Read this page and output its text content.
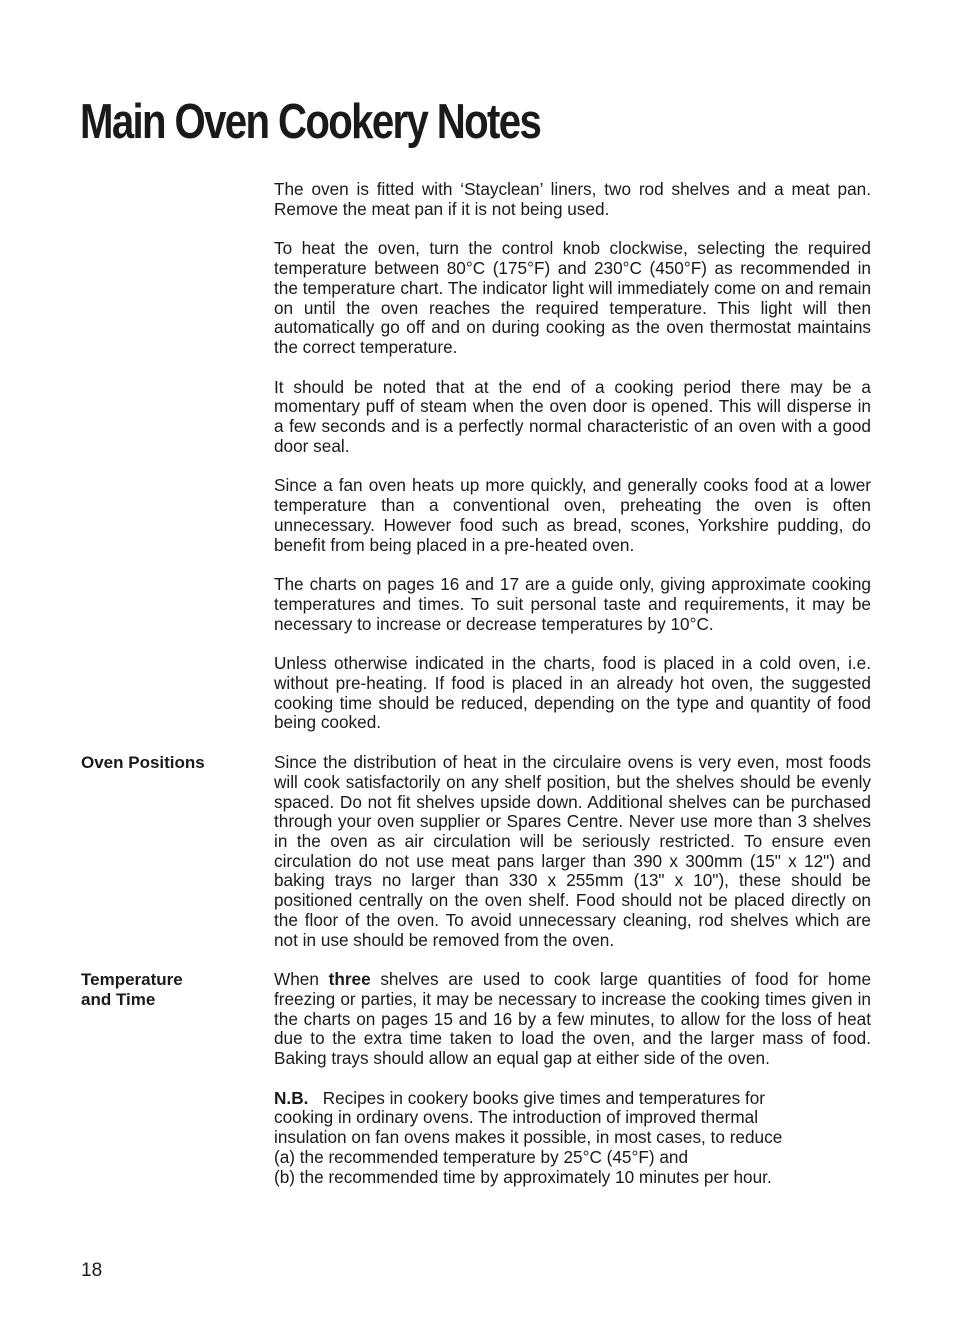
Main Oven Cookery Notes

The oven is fitted with ‘Stayclean’ liners, two rod shelves and a meat pan. Remove the meat pan if it is not being used.

To heat the oven, turn the control knob clockwise, selecting the required temperature between 80°C (175°F) and 230°C (450°F) as recommended in the temperature chart. The indicator light will immediately come on and remain on until the oven reaches the required temperature. This light will then automatically go off and on during cooking as the oven thermostat maintains the correct temperature.

It should be noted that at the end of a cooking period there may be a momentary puff of steam when the oven door is opened. This will disperse in a few seconds and is a perfectly normal characteristic of an oven with a good door seal.

Since a fan oven heats up more quickly, and generally cooks food at a lower temperature than a conventional oven, preheating the oven is often unnecessary. However food such as bread, scones, Yorkshire pudding, do benefit from being placed in a pre-heated oven.

The charts on pages 16 and 17 are a guide only, giving approximate cooking temperatures and times. To suit personal taste and requirements, it may be necessary to increase or decrease temperatures by 10°C.

Unless otherwise indicated in the charts, food is placed in a cold oven, i.e. without pre-heating. If food is placed in an already hot oven, the suggested cooking time should be reduced, depending on the type and quantity of food being cooked.

Oven Positions	Since the distribution of heat in the circulaire ovens is very even, most foods will cook satisfactorily on any shelf position, but the shelves should be evenly spaced. Do not fit shelves upside down. Additional shelves can be purchased through your oven supplier or Spares Centre. Never use more than 3 shelves in the oven as air circulation will be seriously restricted. To ensure even circulation do not use meat pans larger than 390 x 300mm (15" x 12") and baking trays no larger than 330 x 255mm (13" x 10"), these should be positioned centrally on the oven shelf. Food should not be placed directly on the floor of the oven. To avoid unnecessary cleaning, rod shelves which are not in use should be removed from the oven.

Temperature
and Time

When three shelves are used to cook large quantities of food for home freezing or parties, it may be necessary to increase the cooking times given in the charts on pages 15 and 16 by a few minutes, to allow for the loss of heat due to the extra time taken to load the oven, and the larger mass of food. Baking trays should allow an equal gap at either side of the oven.

N.B. Recipes in cookery books give times and temperatures for
cooking in ordinary ovens. The introduction of improved thermal
insulation on fan ovens makes it possible, in most cases, to reduce
(a) the recommended temperature by 25°C (45°F) and
(b) the recommended time by approximately 10 minutes per hour.

18
